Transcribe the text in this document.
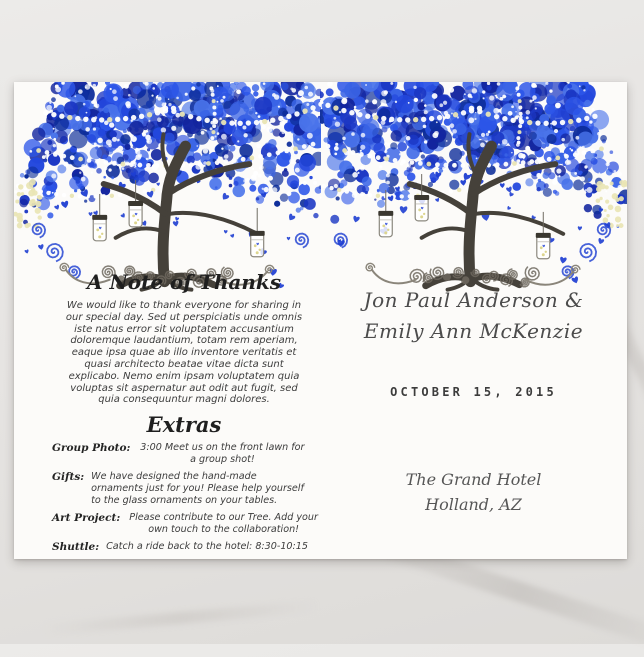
A Note of Thanks
We would like to thank everyone for sharing in our special day. Sed ut perspiciatis unde omnis iste natus error sit voluptatem accusantium doloremque laudantium, totam rem aperiam, eaque ipsa quae ab illo inventore veritatis et quasi architecto beatae vitae dicta sunt explicabo. Nemo enim ipsam voluptatem quia voluptas sit aspernatur aut odit aut fugit, sed quia consequuntur magni dolores.
Extras
Group Photo:	3:00 Meet us on the front lawn for a group shot!
Gifts: We have designed the hand-made ornaments just for you! Please help yourself to the glass ornaments on your tables.
Art Project: Please contribute to our Tree. Add your own touch to the collaboration!
Shuttle: Catch a ride back to the hotel: 8:30-10:15
Jon Paul Anderson &
Emily Ann McKenzie
OCTOBER 15, 2015
The Grand Hotel
Holland, AZ
